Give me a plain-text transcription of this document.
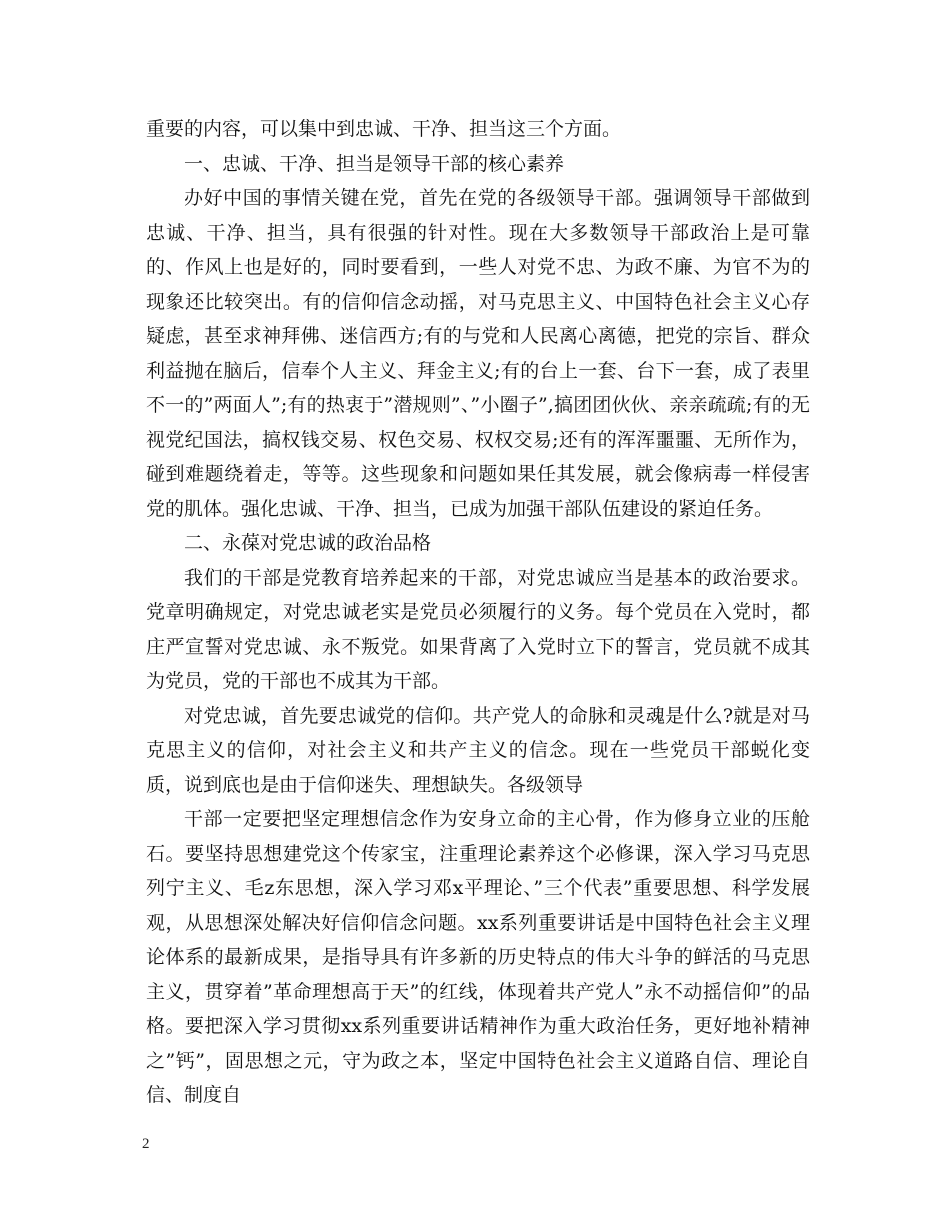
重要的内容，可以集中到忠诚、干净、担当这三个方面。

一、忠诚、干净、担当是领导干部的核心素养

办好中国的事情关键在党，首先在党的各级领导干部。强调领导干部做到忠诚、干净、担当，具有很强的针对性。现在大多数领导干部政治上是可靠的、作风上也是好的，同时要看到，一些人对党不忠、为政不廉、为官不为的现象还比较突出。有的信仰信念动摇，对马克思主义、中国特色社会主义心存疑虑，甚至求神拜佛、迷信西方;有的与党和人民离心离德，把党的宗旨、群众利益抛在脑后，信奉个人主义、拜金主义;有的台上一套、台下一套，成了表里不一的”两面人”;有的热衷于”潜规则”、”小圈子”,搞团团伙伙、亲亲疏疏;有的无视党纪国法，搞权钱交易、权色交易、权权交易;还有的浑浑噩噩、无所作为，碰到难题绕着走，等等。这些现象和问题如果任其发展，就会像病毒一样侵害党的肌体。强化忠诚、干净、担当，已成为加强干部队伍建设的紧迫任务。

二、永葆对党忠诚的政治品格

我们的干部是党教育培养起来的干部，对党忠诚应当是基本的政治要求。党章明确规定，对党忠诚老实是党员必须履行的义务。每个党员在入党时，都庄严宣誓对党忠诚、永不叛党。如果背离了入党时立下的誓言，党员就不成其为党员，党的干部也不成其为干部。

对党忠诚，首先要忠诚党的信仰。共产党人的命脉和灵魂是什么?就是对马克思主义的信仰，对社会主义和共产主义的信念。现在一些党员干部蜕化变质，说到底也是由于信仰迷失、理想缺失。各级领导

干部一定要把坚定理想信念作为安身立命的主心骨，作为修身立业的压舱石。要坚持思想建党这个传家宝，注重理论素养这个必修课，深入学习马克思列宁主义、毛z东思想，深入学习邓x平理论、”三个代表”重要思想、科学发展观，从思想深处解决好信仰信念问题。xx系列重要讲话是中国特色社会主义理论体系的最新成果，是指导具有许多新的历史特点的伟大斗争的鲜活的马克思主义，贯穿着”革命理想高于天”的红线，体现着共产党人”永不动摇信仰”的品格。要把深入学习贯彻xx系列重要讲话精神作为重大政治任务，更好地补精神之”钙”，固思想之元，守为政之本，坚定中国特色社会主义道路自信、理论自信、制度自

2
